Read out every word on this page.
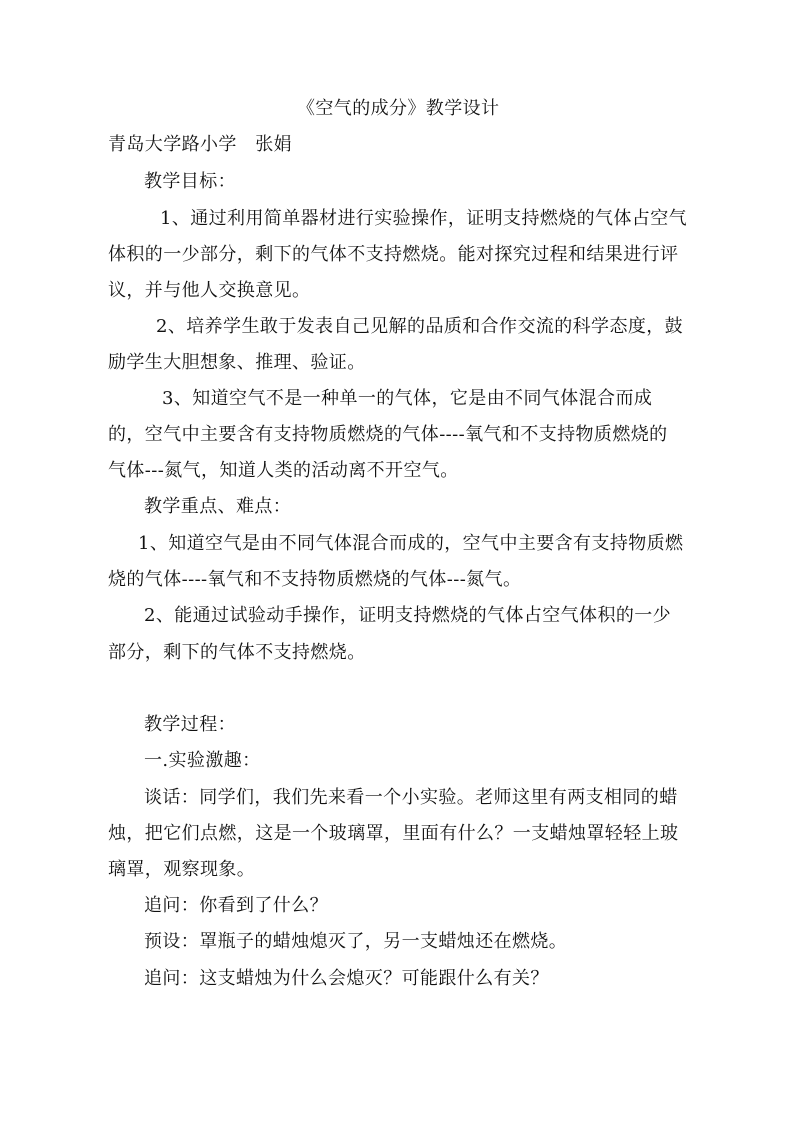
《空气的成分》教学设计
青岛大学路小学　张娟
教学目标：
1、通过利用简单器材进行实验操作，证明支持燃烧的气体占空气
体积的一少部分，剩下的气体不支持燃烧。能对探究过程和结果进行评
议，并与他人交换意见。
2、培养学生敢于发表自己见解的品质和合作交流的科学态度，鼓
励学生大胆想象、推理、验证。
3、知道空气不是一种单一的气体，它是由不同气体混合而成
的，空气中主要含有支持物质燃烧的气体----氧气和不支持物质燃烧的
气体---氮气，知道人类的活动离不开空气。
教学重点、难点：
1、知道空气是由不同气体混合而成的，空气中主要含有支持物质燃
烧的气体----氧气和不支持物质燃烧的气体---氮气。
2、能通过试验动手操作，证明支持燃烧的气体占空气体积的一少
部分，剩下的气体不支持燃烧。
教学过程：
一.实验激趣：
谈话：同学们，我们先来看一个小实验。老师这里有两支相同的蜡
烛，把它们点燃，这是一个玻璃罩，里面有什么？一支蜡烛罩轻轻上玻
璃罩，观察现象。
追问：你看到了什么？
预设：罩瓶子的蜡烛熄灭了，另一支蜡烛还在燃烧。
追问：这支蜡烛为什么会熄灭？可能跟什么有关？
